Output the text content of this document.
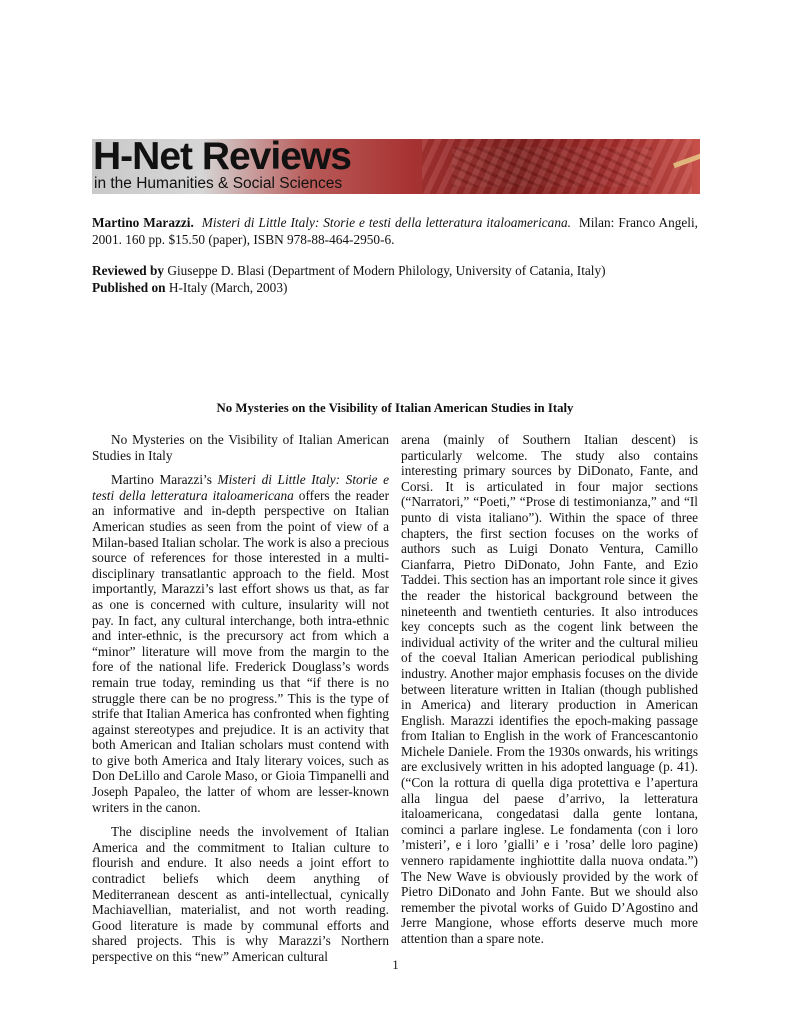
H-Net Reviews
in the Humanities & Social Sciences
Martino Marazzi. Misteri di Little Italy: Storie e testi della letteratura italoamericana. Milan: Franco Angeli, 2001. 160 pp. $15.50 (paper), ISBN 978-88-464-2950-6.
Reviewed by Giuseppe D. Blasi (Department of Modern Philology, University of Catania, Italy)
Published on H-Italy (March, 2003)
No Mysteries on the Visibility of Italian American Studies in Italy

No Mysteries on the Visibility of Italian American Studies in Italy

Martino Marazzi’s Misteri di Little Italy: Storie e testi della letteratura italoamericana offers the reader an informative and in-depth perspective on Italian American studies as seen from the point of view of a Milan-based Italian scholar. The work is also a precious source of references for those interested in a multi-disciplinary transatlantic approach to the field. Most importantly, Marazzi’s last effort shows us that, as far as one is concerned with culture, insularity will not pay. In fact, any cultural interchange, both intra-ethnic and inter-ethnic, is the precursory act from which a “minor” literature will move from the margin to the fore of the national life. Frederick Douglass’s words remain true today, reminding us that “if there is no struggle there can be no progress.” This is the type of strife that Italian America has confronted when fighting against stereotypes and prejudice. It is an activity that both American and Italian scholars must contend with to give both America and Italy literary voices, such as Don DeLillo and Carole Maso, or Gioia Timpanelli and Joseph Papaleo, the latter of whom are lesser-known writers in the canon.

The discipline needs the involvement of Italian America and the commitment to Italian culture to flourish and endure. It also needs a joint effort to contradict beliefs which deem anything of Mediterranean descent as anti-intellectual, cynically Machiavellian, materialist, and not worth reading. Good literature is made by communal efforts and shared projects. This is why Marazzi’s Northern perspective on this “new” American cultural

arena (mainly of Southern Italian descent) is particularly welcome. The study also contains interesting primary sources by DiDonato, Fante, and Corsi. It is articulated in four major sections (“Narratori,” “Poeti,” “Prose di testimonianza,” and “Il punto di vista italiano”). Within the space of three chapters, the first section focuses on the works of authors such as Luigi Donato Ventura, Camillo Cianfarra, Pietro DiDonato, John Fante, and Ezio Taddei. This section has an important role since it gives the reader the historical background between the nineteenth and twentieth centuries. It also introduces key concepts such as the cogent link between the individual activity of the writer and the cultural milieu of the coeval Italian American periodical publishing industry. Another major emphasis focuses on the divide between literature written in Italian (though published in America) and literary production in American English. Marazzi identifies the epoch-making passage from Italian to English in the work of Francescantonio Michele Daniele. From the 1930s onwards, his writings are exclusively written in his adopted language (p. 41). (“Con la rottura di quella diga protettiva e l’apertura alla lingua del paese d’arrivo, la letteratura italoamericana, congedatasi dalla gente lontana, cominci a parlare inglese. Le fondamenta (con i loro ’misteri’, e i loro ’gialli’ e i ’rosa’ delle loro pagine) vennero rapidamente inghiottite dalla nuova ondata.”) The New Wave is obviously provided by the work of Pietro DiDonato and John Fante. But we should also remember the pivotal works of Guido D’Agostino and Jerre Mangione, whose efforts deserve much more attention than a spare note.

1
